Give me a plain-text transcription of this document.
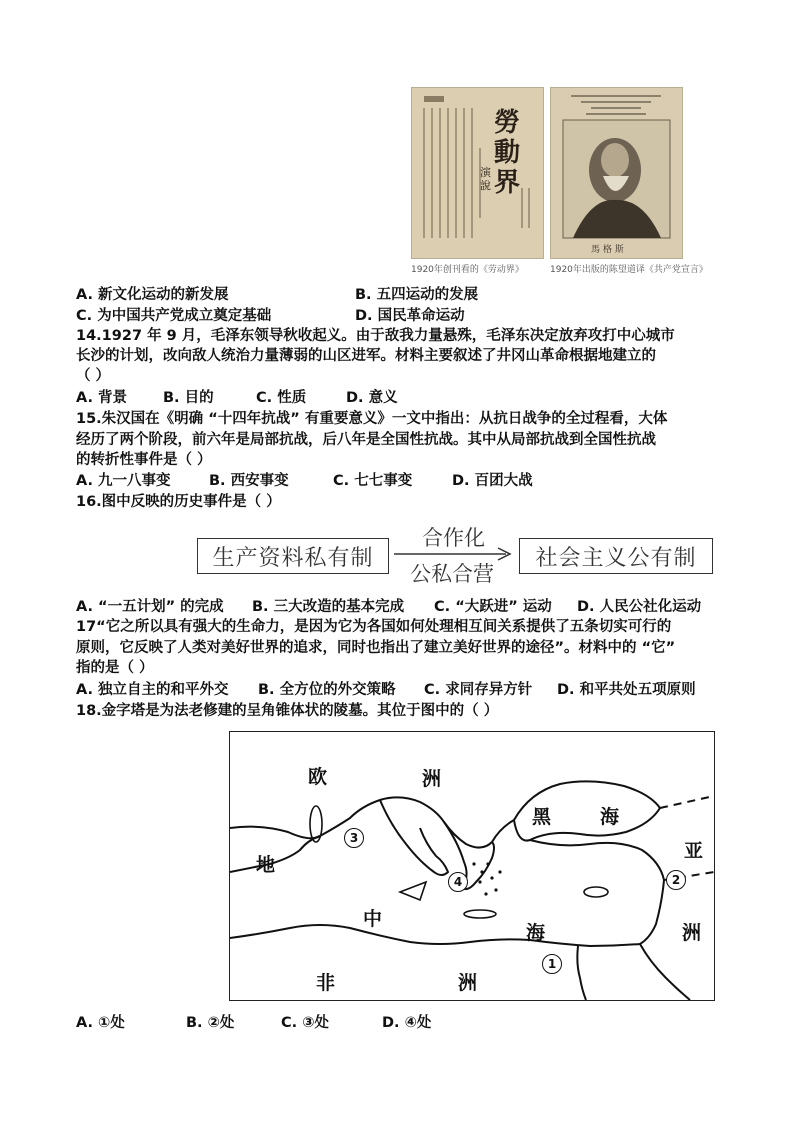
勞動界
演說
馬 格 斯
1920年创刊看的《劳动界》	1920年出版的陈望道译《共产党宣言》
A. 新文化运动的新发展	B. 五四运动的发展
C. 为中国共产党成立奠定基础	D. 国民革命运动
14.1927 年 9 月，毛泽东领导秋收起义。由于敌我力量悬殊，毛泽东决定放弃攻打中心城市
长沙的计划，改向敌人统治力量薄弱的山区进军。材料主要叙述了井冈山革命根据地建立的
（ ）
A. 背景 B. 目的	C. 性质	D. 意义
15.朱汉国在《明确 “十四年抗战” 有重要意义》一文中指出：从抗日战争的全过程看，大体
经历了两个阶段，前六年是局部抗战，后八年是全国性抗战。其中从局部抗战到全国性抗战
的转折性事件是（ ）
A. 九一八事变	B. 西安事变	C. 七七事变	D. 百团大战
16.图中反映的历史事件是（ ）
生产资料私有制
合作化
公私合营
社会主义公有制
A. “一五计划” 的完成 B. 三大改造的基本完成 C. “大跃进” 运动 D. 人民公社化运动
17“它之所以具有强大的生命力，是因为它为各国如何处理相互间关系提供了五条切实可行的
原则，它反映了人类对美好世界的追求，同时也指出了建立美好世界的途径”。材料中的 “它”
指的是（ ）
A. 独立自主的和平外交 B. 全方位的外交策略 C. 求同存异方针 D. 和平共处五项原则
18.金字塔是为法老修建的呈角锥体状的陵墓。其位于图中的（ ）
欧	洲
黑	海
亚
洲
地
中
海
非	洲
3
4	2
1
A. ①处	B. ②处	C. ③处	D. ④处
